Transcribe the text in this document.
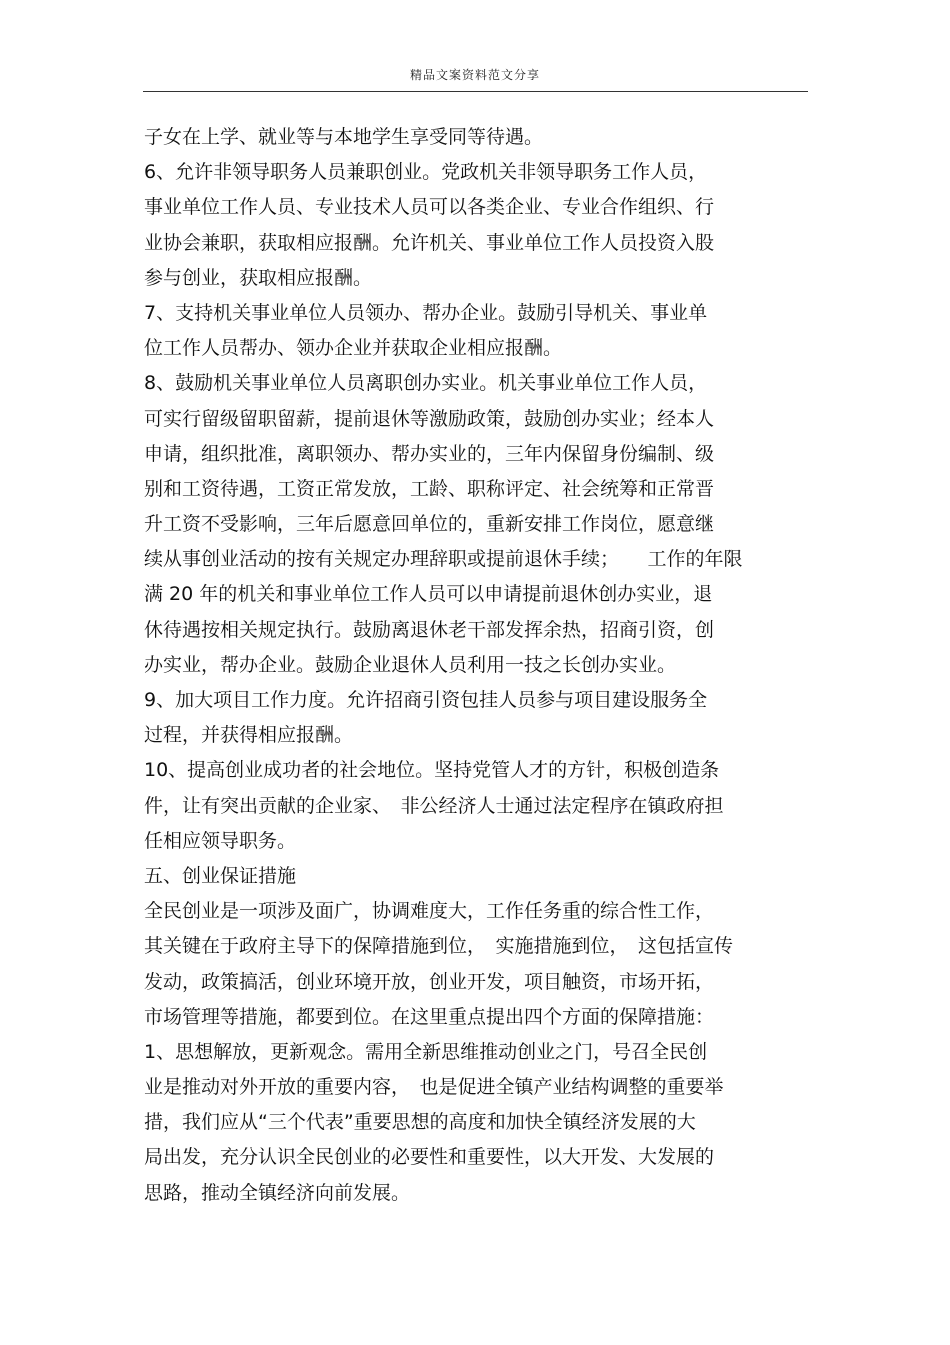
精品文案资料范文分享
子女在上学、就业等与本地学生享受同等待遇。
6、允许非领导职务人员兼职创业。党政机关非领导职务工作人员，
事业单位工作人员、专业技术人员可以各类企业、专业合作组织、行
业协会兼职，获取相应报酬。允许机关、事业单位工作人员投资入股
参与创业，获取相应报酬。
7、支持机关事业单位人员领办、帮办企业。鼓励引导机关、事业单
位工作人员帮办、领办企业并获取企业相应报酬。
8、鼓励机关事业单位人员离职创办实业。机关事业单位工作人员，
可实行留级留职留薪，提前退休等激励政策，鼓励创办实业；经本人
申请，组织批准，离职领办、帮办实业的，三年内保留身份编制、级
别和工资待遇，工资正常发放，工龄、职称评定、社会统筹和正常晋
升工资不受影响，三年后愿意回单位的，重新安排工作岗位，愿意继
续从事创业活动的按有关规定办理辞职或提前退休手续；　　工作的年限
满 20 年的机关和事业单位工作人员可以申请提前退休创办实业，退
休待遇按相关规定执行。鼓励离退休老干部发挥余热，招商引资，创
办实业，帮办企业。鼓励企业退休人员利用一技之长创办实业。
9、加大项目工作力度。允许招商引资包挂人员参与项目建设服务全
过程，并获得相应报酬。
10、提高创业成功者的社会地位。坚持党管人才的方针，积极创造条
件，让有突出贡献的企业家、　非公经济人士通过法定程序在镇政府担
任相应领导职务。
五、创业保证措施
全民创业是一项涉及面广，协调难度大，工作任务重的综合性工作，
其关键在于政府主导下的保障措施到位，　实施措施到位，　这包括宣传
发动，政策搞活，创业环境开放，创业开发，项目触资，市场开拓，
市场管理等措施，都要到位。在这里重点提出四个方面的保障措施：
1、思想解放，更新观念。需用全新思维推动创业之门，号召全民创
业是推动对外开放的重要内容，　也是促进全镇产业结构调整的重要举
措，我们应从“三个代表”重要思想的高度和加快全镇经济发展的大
局出发，充分认识全民创业的必要性和重要性，以大开发、大发展的
思路，推动全镇经济向前发展。
